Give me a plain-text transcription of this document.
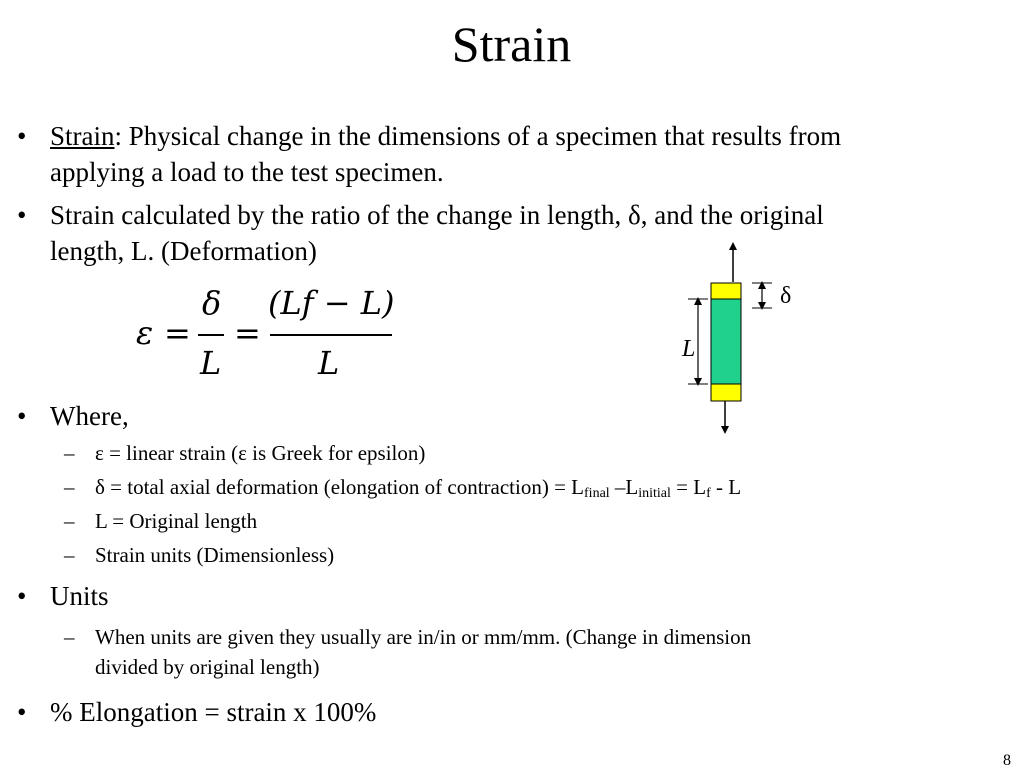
Strain
• Strain: Physical change in the dimensions of a specimen that results from
applying a load to the test specimen.
• Strain calculated by the ratio of the change in length, δ, and the original
length, L. (Deformation)
ε =
δ
L
=
(Lf − L)
L
δ
L
• Where,
– ε = linear strain (ε is Greek for epsilon)
– δ = total axial deformation (elongation of contraction) = $L_{final}$ $-L_{initial} = L_f - L$
– L = Original length
– Strain units (Dimensionless)
• Units
– When units are given they usually are in/in or mm/mm. (Change in dimension
divided by original length)
• % Elongation = strain x 100%
8
